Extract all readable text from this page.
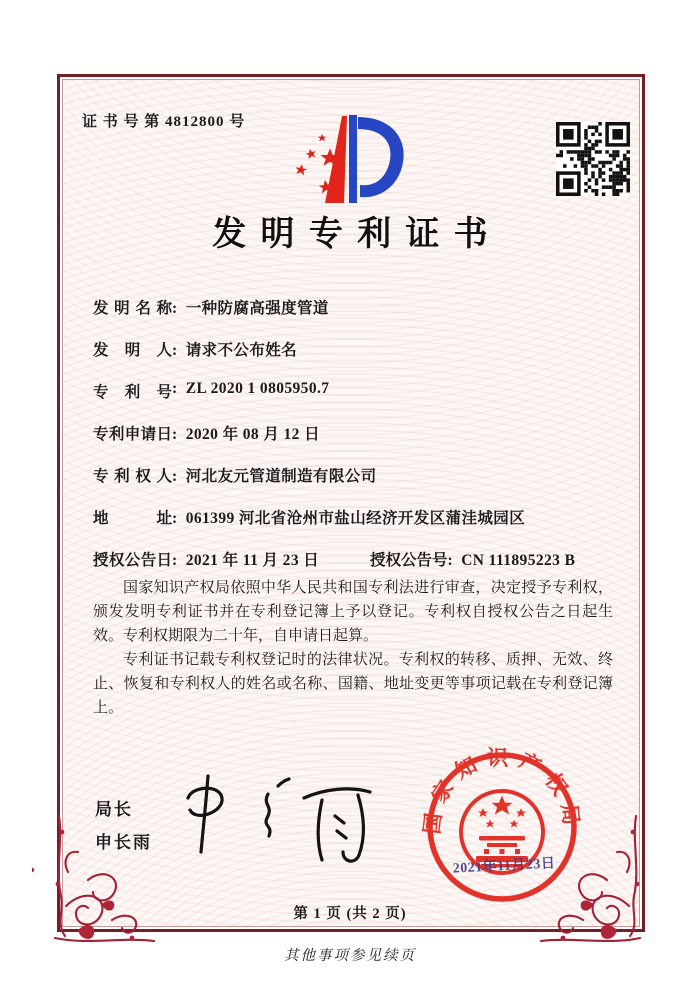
证 书 号 第 4812800 号
发明专利证书
发明名称: 一种防腐高强度管道
发明人: 请求不公布姓名
专利号: ZL 2020 1 0805950.7
专利申请日: 2020 年 08 月 12 日
专利权人: 河北友元管道制造有限公司
地址: 061399 河北省沧州市盐山经济开发区蒲洼城园区
授权公告日: 2021 年 11 月 23 日	授权公告号: CN 111895223 B

国家知识产权局依照中华人民共和国专利法进行审查，决定授予专利权，颁发发明专利证书并在专利登记簿上予以登记。专利权自授权公告之日起生效。专利权期限为二十年，自申请日起算。

专利证书记载专利权登记时的法律状况。专利权的转移、质押、无效、终止、恢复和专利权人的姓名或名称、国籍、地址变更等事项记载在专利登记簿上。

局长
申长雨
国家知识产权局
2021年11月23日
第 1 页 (共 2 页)
其他事项参见续页
